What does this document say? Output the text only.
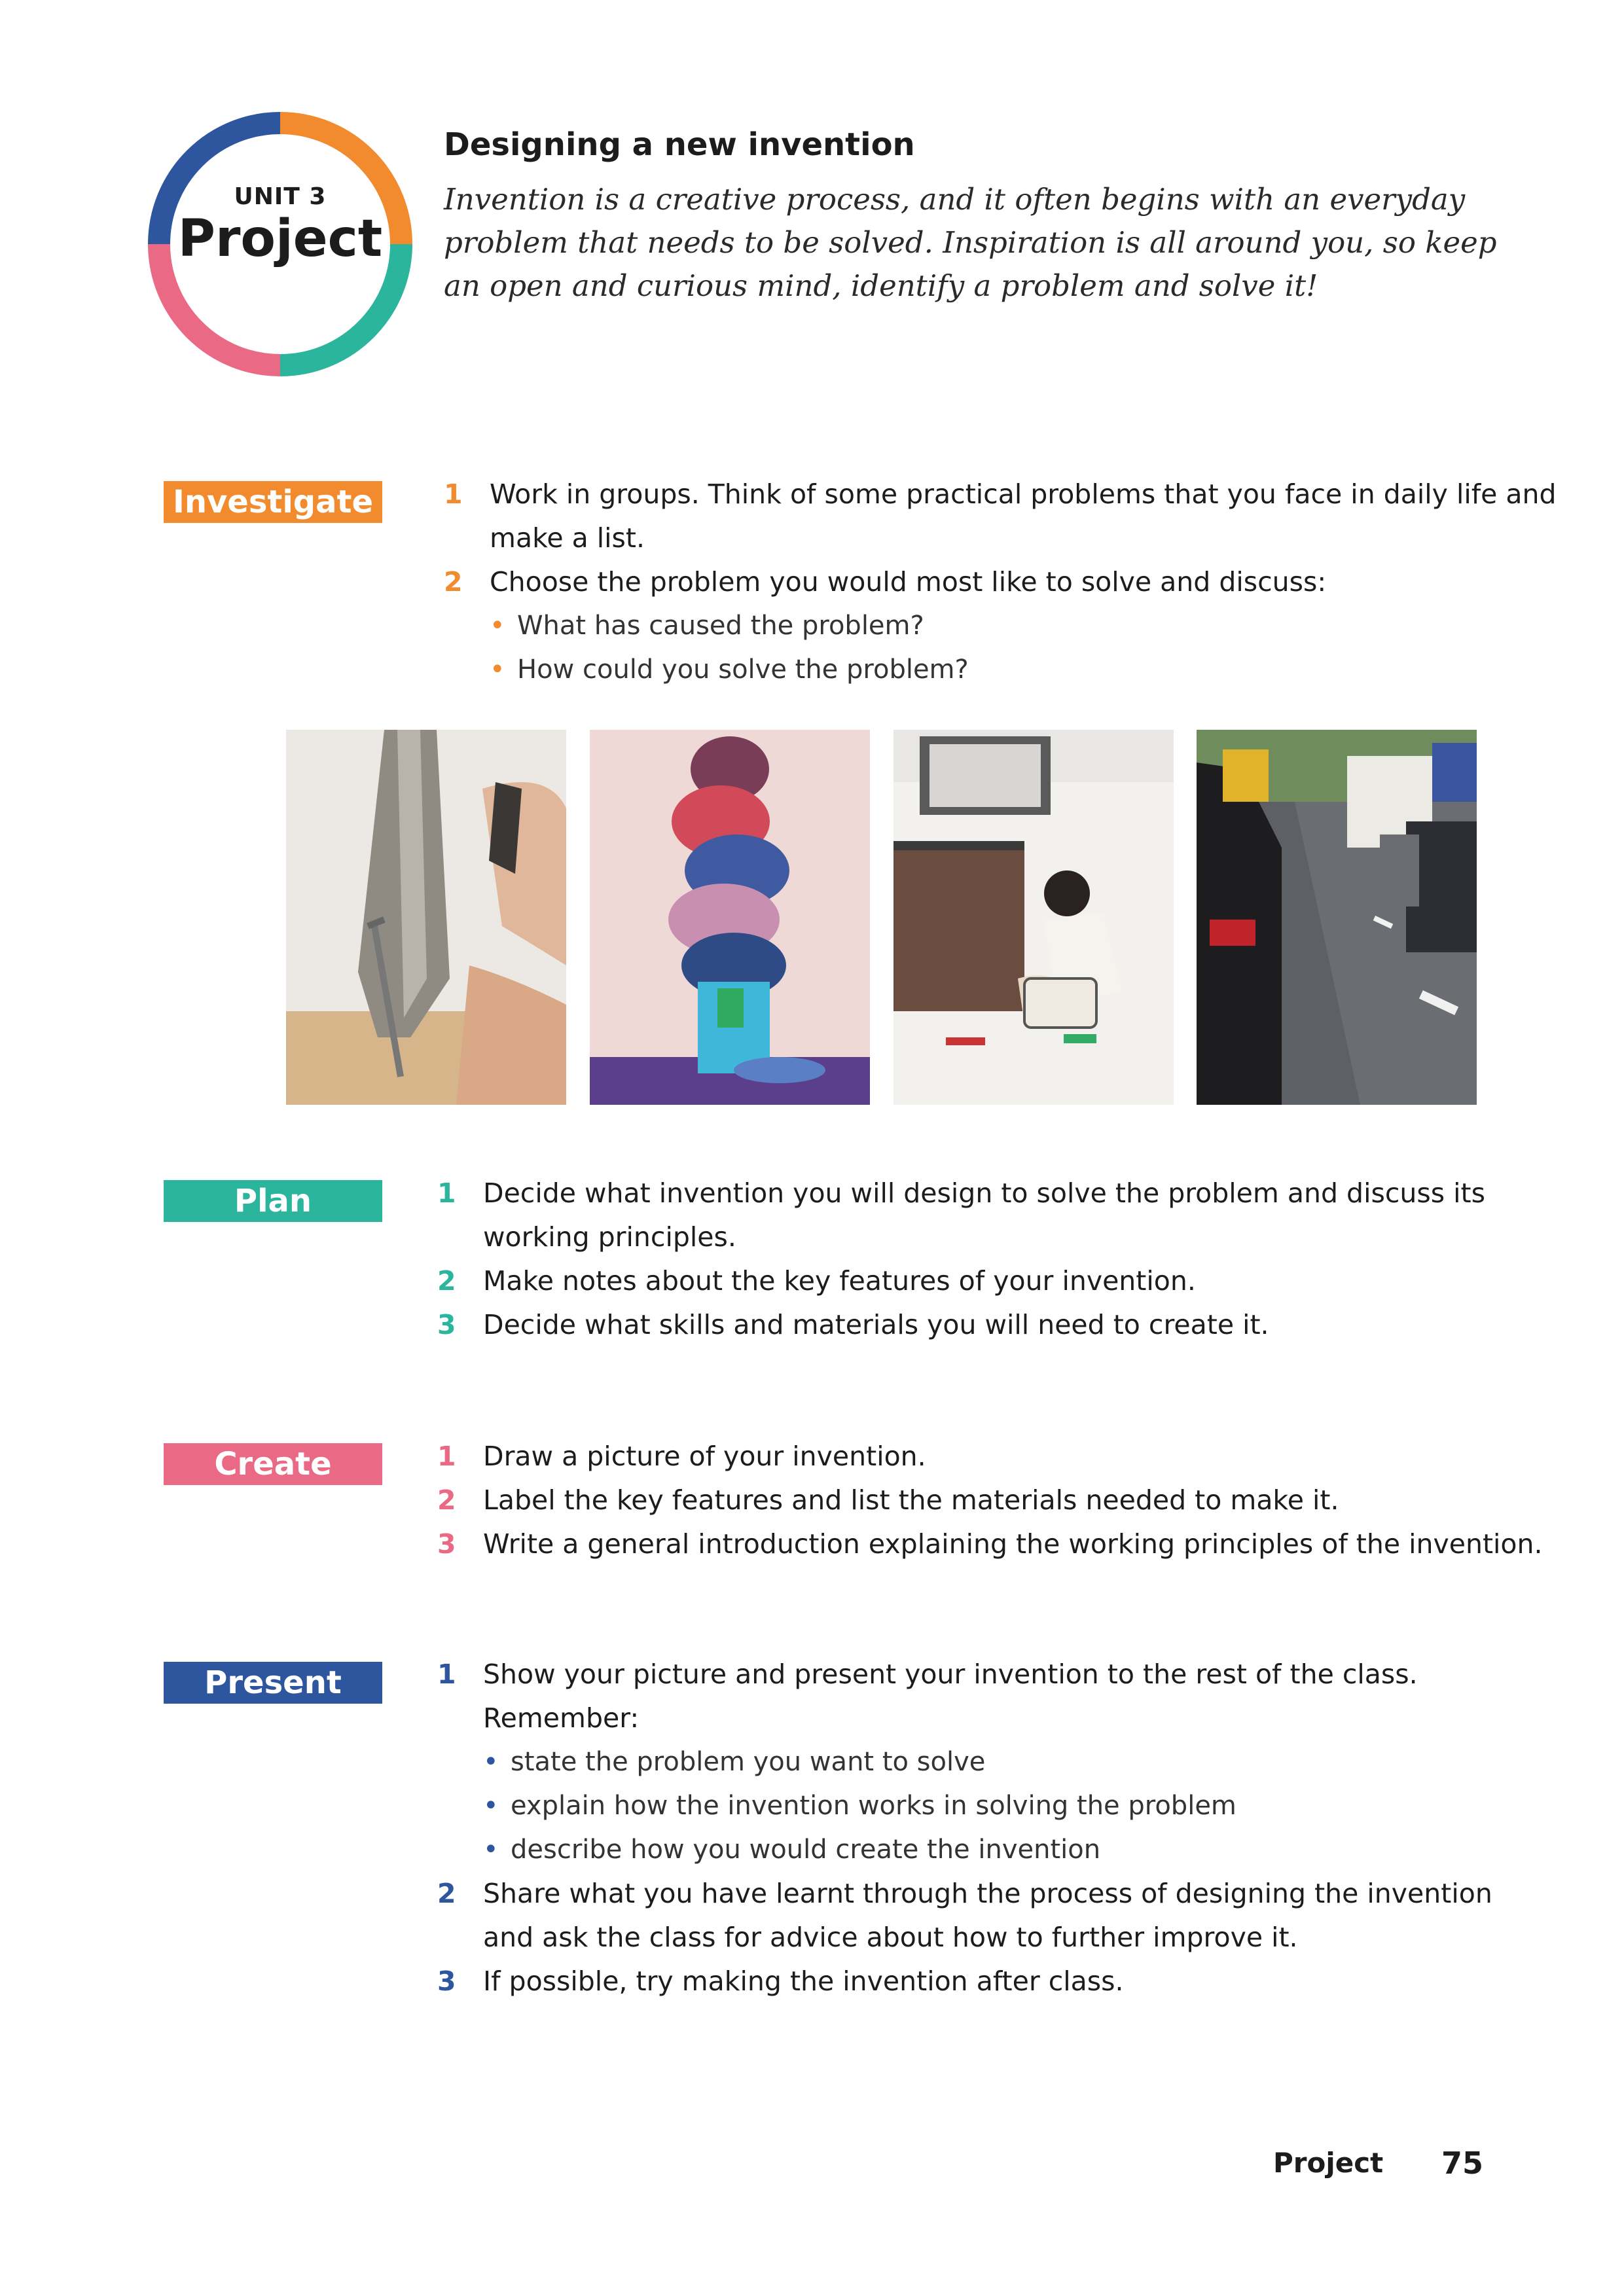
UNIT 3
Project
Designing a new invention
Invention is a creative process, and it often begins with an everyday problem that needs to be solved. Inspiration is all around you, so keep an open and curious mind, identify a problem and solve it!
Investigate	1 Work in groups. Think of some practical problems that you face in daily life and make a list.
2 Choose the problem you would most like to solve and discuss:
• What has caused the problem?
• How could you solve the problem?
Plan	1 Decide what invention you will design to solve the problem and discuss its working principles.
2 Make notes about the key features of your invention.
3 Decide what skills and materials you will need to create it.
Create	1 Draw a picture of your invention.
2 Label the key features and list the materials needed to make it.
3 Write a general introduction explaining the working principles of the invention.
Present	1 Show your picture and present your invention to the rest of the class. Remember:
• state the problem you want to solve
• explain how the invention works in solving the problem
• describe how you would create the invention
2 Share what you have learnt through the process of designing the invention and ask the class for advice about how to further improve it.
3 If possible, try making the invention after class.
Project 75
